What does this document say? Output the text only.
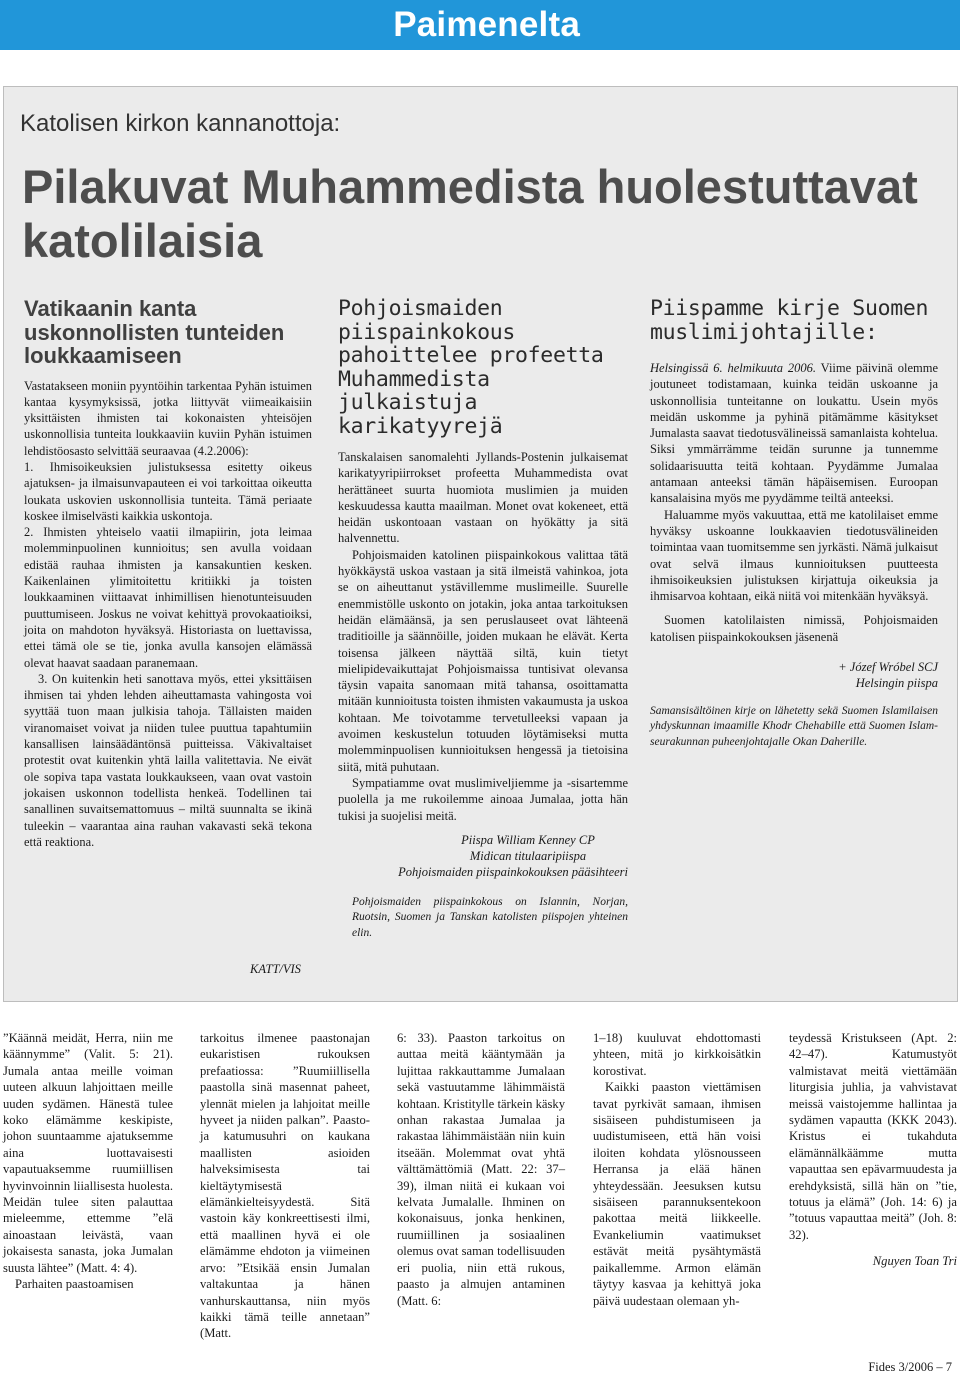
Paimenelta
Katolisen kirkon kannanottoja:
Pilakuvat Muhammedista huolestuttavat katolilaisia
Vatikaanin kanta uskonnollisten tunteiden loukkaamiseen

Vastatakseen moniin pyyntöihin tarkentaa Pyhän istuimen kantaa kysymyksissä, jotka liittyvät viimeaikaisiin yksittäisten ihmisten tai kokonaisten yhteisöjen uskonnollisia tunteita loukkaaviin kuviin Pyhän istuimen lehdistöosasto selvittää seuraavaa (4.2.2006):

1. Ihmisoikeuksien julistuksessa esitetty oikeus ajatuksen- ja ilmaisunvapauteen ei voi tarkoittaa oikeutta loukata uskovien uskonnollisia tunteita. Tämä periaate koskee ilmiselvästi kaikkia uskontoja.

2. Ihmisten yhteiselo vaatii ilmapiirin, jota leimaa molemminpuolinen kunnioitus; sen avulla voidaan edistää rauhaa ihmisten ja kansakuntien kesken. Kaikenlainen ylimitoitettu kritiikki ja toisten loukkaaminen viittaavat inhimillisen hienotunteisuuden puuttumiseen. Joskus ne voivat kehittyä provokaatioiksi, joita on mahdoton hyväksyä. Historiasta on luettavissa, ettei tämä ole se tie, jonka avulla kansojen elämässä olevat haavat saadaan paranemaan.

3. On kuitenkin heti sanottava myös, ettei yksittäisen ihmisen tai yhden lehden aiheuttamasta vahingosta voi syyttää tuon maan julkisia tahoja. Tällaisten maiden viranomaiset voivat ja niiden tulee puuttua tapahtumiin kansallisen lainsäädäntönsä puitteissa. Väkivaltaiset protestit ovat kuitenkin yhtä lailla valitettavia. Ne eivät ole sopiva tapa vastata loukkaukseen, vaan ovat vastoin jokaisen uskonnon todellista henkeä. Todellinen tai sanallinen suvaitsemattomuus – miltä suunnalta se ikinä tuleekin – vaarantaa aina rauhan vakavasti sekä tekona että reaktiona.

KATT/VIS
Pohjoismaiden piispainkokous pahoittelee profeetta Muhammedista julkaistuja karikatyyrejä

Tanskalaisen sanomalehti Jyllands-Postenin julkaisemat karikatyyripiirrokset profeetta Muhammedista ovat herättäneet suurta huomiota muslimien ja muiden keskuudessa kautta maailman. Monet ovat kokeneet, että heidän uskontoaan vastaan on hyökätty ja sitä halvennettu.

Pohjoismaiden katolinen piispainkokous valittaa tätä hyökkäystä uskoa vastaan ja sitä ilmeistä vahinkoa, jota se on aiheuttanut ystävillemme muslimeille. Suurelle enemmistölle uskonto on jotakin, joka antaa tarkoituksen heidän elämäänsä, ja sen peruslauseet ovat lähteenä traditioille ja säännöille, joiden mukaan he elävät. Kerta toisensa jälkeen näyttää siltä, kuin tietyt mielipidevaikuttajat Pohjoismaissa tuntisivat olevansa täysin vapaita sanomaan mitä tahansa, osoittamatta mitään kunnioitusta toisten ihmisten vakaumusta ja uskoa kohtaan. Me toivotamme tervetulleeksi vapaan ja avoimen keskustelun totuuden löytämiseksi mutta molemminpuolisen kunnioituksen hengessä ja tietoisina siitä, mitä puhutaan.

Sympatiamme ovat muslimiveljiemme ja -sisartemme puolella ja me rukoilemme ainoaa Jumalaa, jotta hän tukisi ja suojelisi meitä.

Piispa William Kenney CP

Midican titulaaripiispa

Pohjoismaiden piispainkokouksen pääsihteeri

Pohjoismaiden piispainkokous on Islannin, Norjan, Ruotsin, Suomen ja Tanskan katolisten piispojen yhteinen elin.

Piispamme kirje Suomen muslimijohtajille:

Helsingissä 6. helmikuuta 2006. Viime päivinä olemme joutuneet todistamaan, kuinka teidän uskoanne ja uskonnollisia tunteitanne on loukattu. Usein myös meidän uskomme ja pyhinä pitämämme käsitykset Jumalasta saavat tiedotusvälineissä samanlaista kohtelua. Siksi ymmärrämme teidän surunne ja tunnemme solidaarisuutta teitä kohtaan. Pyydämme Jumalaa antamaan anteeksi tämän häpäisemisen. Euroopan kansalaisina myös me pyydämme teiltä anteeksi.

Haluamme myös vakuuttaa, että me katolilaiset emme hyväksy uskoanne loukkaavien tiedotusvälineiden toimintaa vaan tuomitsemme sen jyrkästi. Nämä julkaisut ovat selvä ilmaus kunnioituksen puutteesta ihmisoikeuksien julistuksen kirjattuja oikeuksia ja ihmisarvoa kohtaan, eikä niitä voi mitenkään hyväksyä.

Suomen katolilaisten nimissä, Pohjoismaiden katolisen piispainkokouksen jäsenenä

+ Józef Wróbel SCJ

Helsingin piispa

Samansisältöinen kirje on lähetetty sekä Suomen Islamilaisen yhdyskunnan imaamille Khodr Chehabille että Suomen Islam-seurakunnan puheenjohtajalle Okan Daherille.

”Käännä meidät, Herra, niin me käännymme” (Valit. 5: 21). Jumala antaa meille voiman uuteen alkuun lahjoittaen meille uuden sydämen. Hänestä tulee koko elämämme keskipiste, johon suuntaamme ajatuksemme aina luottavaisesti vapautuaksemme ruumiillisen hyvinvoinnin liiallisesta huolesta. Meidän tulee siten palauttaa mieleemme, ettemme ”elä ainoastaan leivästä, vaan jokaisesta sanasta, joka Jumalan suusta lähtee” (Matt. 4: 4).

Parhaiten paastoamisen

tarkoitus ilmenee paastonajan eukaristisen rukouksen prefaatiossa: ”Ruumiillisella paastolla sinä masennat paheet, ylennät mielen ja lahjoitat meille hyveet ja niiden palkan”. Paasto- ja katumusuhri on kaukana maallisten asioiden halveksimisesta tai kieltäytymisestä elämänkielteisyydestä. Sitä vastoin käy konkreettisesti ilmi, että maallinen hyvä ei ole elämämme ehdoton ja viimeinen arvo: ”Etsikää ensin Jumalan valtakuntaa ja hänen vanhurskauttansa, niin myös kaikki tämä teille annetaan” (Matt.

6: 33). Paaston tarkoitus on auttaa meitä kääntymään ja lujittaa rakkauttamme Jumalaan sekä vastuutamme lähimmäistä kohtaan. Kristitylle tärkein käsky onhan rakastaa Jumalaa ja rakastaa lähimmäistään niin kuin itseään. Molemmat ovat yhtä välttämättömiä (Matt. 22: 37–39), ilman niitä ei kukaan voi kelvata Jumalalle. Ihminen on kokonaisuus, jonka henkinen, ruumiillinen ja sosiaalinen olemus ovat saman todellisuuden eri puolia, niin että rukous, paasto ja almujen antaminen (Matt. 6:

1–18) kuuluvat ehdottomasti yhteen, mitä jo kirkkoisätkin korostivat.

Kaikki paaston viettämisen tavat pyrkivät samaan, ihmisen sisäiseen puhdistumiseen ja uudistumiseen, että hän voisi iloiten kohdata ylösnousseen Herransa ja elää hänen yhteydessään. Jeesuksen kutsu sisäiseen parannuksentekoon pakottaa meitä liikkeelle. Evankeliumin vaatimukset estävät meitä pysähtymästä paikallemme. Armon elämän täytyy kasvaa ja kehittyä joka päivä uudestaan olemaan yh-

teydessä Kristukseen (Apt. 2: 42–47). Katumustyöt valmistavat meitä viettämään liturgisia juhlia, ja vahvistavat meissä vaistojemme hallintaa ja sydämen vapautta (KKK 2043). Kristus ei tukahduta elämännälkäämme mutta vapauttaa sen epävarmuudesta ja erehdyksistä, sillä hän on ”tie, totuus ja elämä” (Joh. 14: 6) ja ”totuus vapauttaa meitä” (Joh. 8: 32).

Nguyen Toan Tri

Fides 3/2006 – 7
